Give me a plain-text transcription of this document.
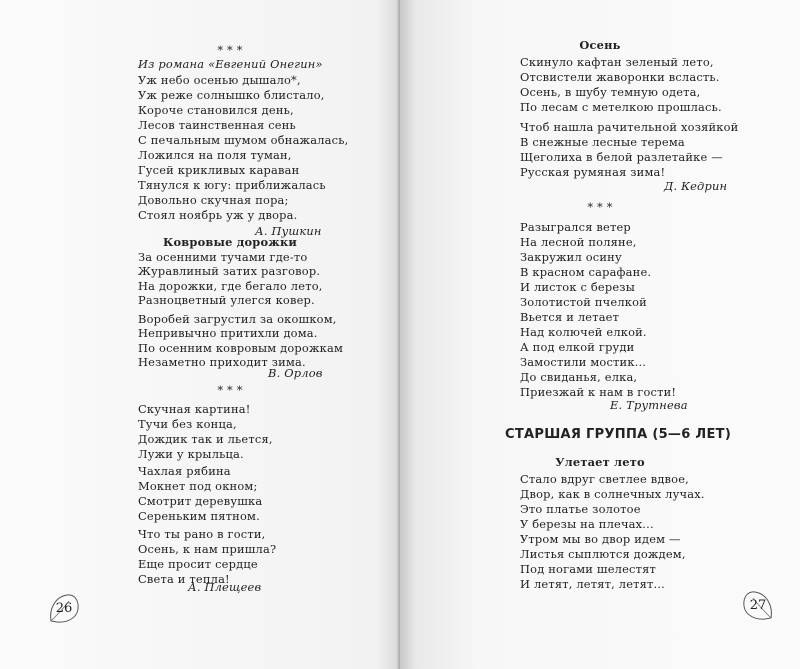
* * *
Из романа «Евгений Онегин»
Уж небо осенью дышало*,
Уж реже солнышко блистало,
Короче становился день,
Лесов таинственная сень
С печальным шумом обнажалась,
Ложился на поля туман,
Гусей крикливых караван
Тянулся к югу: приближалась
Довольно скучная пора;
Стоял ноябрь уж у двора.
А. Пушкин
Ковровые дорожки
За осенними тучами где-то
Журавлиный затих разговор.
На дорожки, где бегало лето,
Разноцветный улегся ковер.
Воробей загрустил за окошком,
Непривычно притихли дома.
По осенним ковровым дорожкам
Незаметно приходит зима.
В. Орлов
* * *
Скучная картина!
Тучи без конца,
Дождик так и льется,
Лужи у крыльца.
Чахлая рябина
Мокнет под окном;
Смотрит деревушка
Сереньким пятном.
Что ты рано в гости,
Осень, к нам пришла?
Еще просит сердце
Света и тепла!
А. Плещеев
26
Осень
Скинуло кафтан зеленый лето,
Отсвистели жаворонки всласть.
Осень, в шубу темную одета,
По лесам с метелкою прошлась.
Чтоб нашла рачительной хозяйкой
В снежные лесные терема
Щеголиха в белой разлетайке —
Русская румяная зима!
Д. Кедрин
* * *
Разыгрался ветер
На лесной поляне,
Закружил осину
В красном сарафане.
И листок с березы
Золотистой пчелкой
Вьется и летает
Над колючей елкой.
А под елкой груди
Замостили мостик...
До свиданья, елка,
Приезжай к нам в гости!
Е. Трутнева
СТАРШАЯ ГРУППА (5—6 ЛЕТ)
Улетает лето
Стало вдруг светлее вдвое,
Двор, как в солнечных лучах.
Это платье золотое
У березы на плечах...
Утром мы во двор идем —
Листья сыплются дождем,
Под ногами шелестят
И летят, летят, летят...
27
